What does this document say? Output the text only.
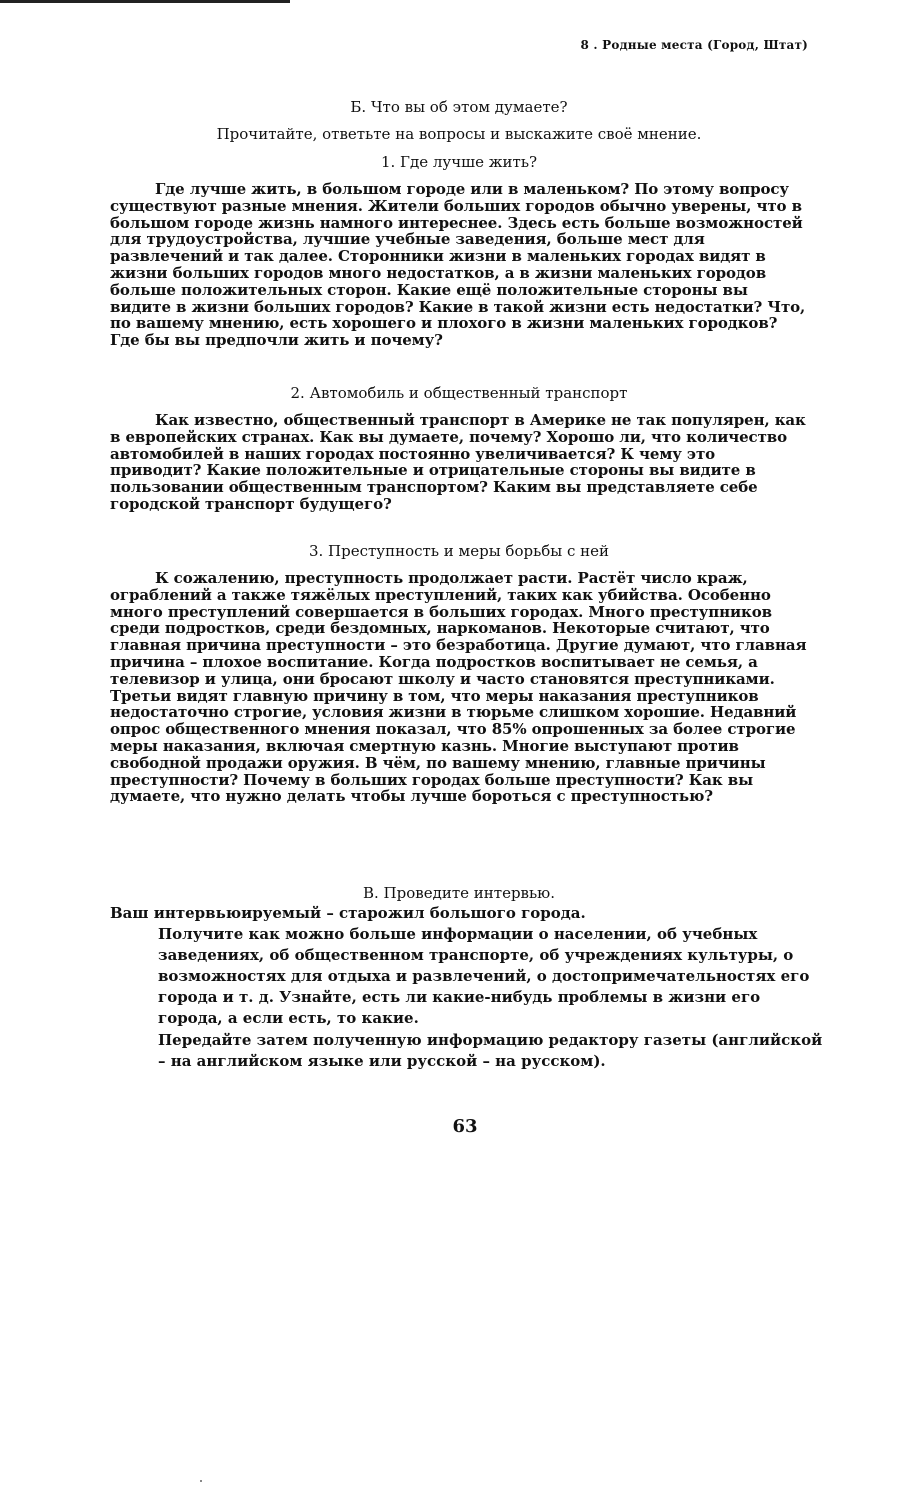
8 . Родные места (Город, Штат)
Б. Что вы об этом думаете?
Прочитайте, ответьте на вопросы и выскажите своё мнение.
1. Где лучше жить?
Где лучше жить, в большом городе или в маленьком? По этому вопросу существуют разные мнения. Жители больших городов обычно уверены, что в большом городе жизнь намного интереснее. Здесь есть больше возможностей для трудоустройства, лучшие учебные заведения, больше мест для развлечений и так далее. Сторонники жизни в маленьких городах видят в жизни больших городов много недостатков, а в жизни маленьких городов больше положительных сторон. Какие ещё положительные стороны вы видите в жизни больших городов? Какие в такой жизни есть недостатки? Что, по вашему мнению, есть хорошего и плохого в жизни маленьких городков? Где бы вы предпочли жить и почему?
2. Автомобиль и общественный транспорт
Как известно, общественный транспорт в Америке не так популярен, как в европейских странах. Как вы думаете, почему? Хорошо ли, что количество автомобилей в наших городах постоянно увеличивается? К чему это приводит? Какие положительные и отрицательные стороны вы видите в пользовании общественным транспортом? Каким вы представляете себе городской транспорт будущего?
3. Преступность и меры борьбы с ней
К сожалению, преступность продолжает расти. Растёт число краж, ограблений а также тяжёлых преступлений, таких как убийства. Особенно много преступлений совершается в больших городах. Много преступников среди подростков, среди бездомных, наркоманов. Некоторые считают, что главная причина преступности – это безработица. Другие думают, что главная причина – плохое воспитание. Когда подростков воспитывает не семья, а телевизор и улица, они бросают школу и часто становятся преступниками. Третьи видят главную причину в том, что меры наказания преступников недостаточно строгие, условия жизни в тюрьме слишком хорошие. Недавний опрос общественного мнения показал, что 85% опрошенных за более строгие меры наказания, включая смертную казнь. Многие выступают против свободной продажи оружия. В чём, по вашему мнению, главные причины преступности? Почему в больших городах больше преступности? Как вы думаете, что нужно делать чтобы лучше бороться с преступностью?
В. Проведите интервью.
Ваш интервьюируемый – старожил большого города.
Получите как можно больше информации о населении, об учебных
заведениях, об общественном транспорте, об учреждениях культуры, о
возможностях для отдыха и развлечений, о достопримечательностях его
города и т. д. Узнайте, есть ли какие-нибудь проблемы в жизни его
города, а если есть, то какие.
Передайте затем полученную информацию редактору газеты (английской
– на английском языке или русской – на русском).
63
